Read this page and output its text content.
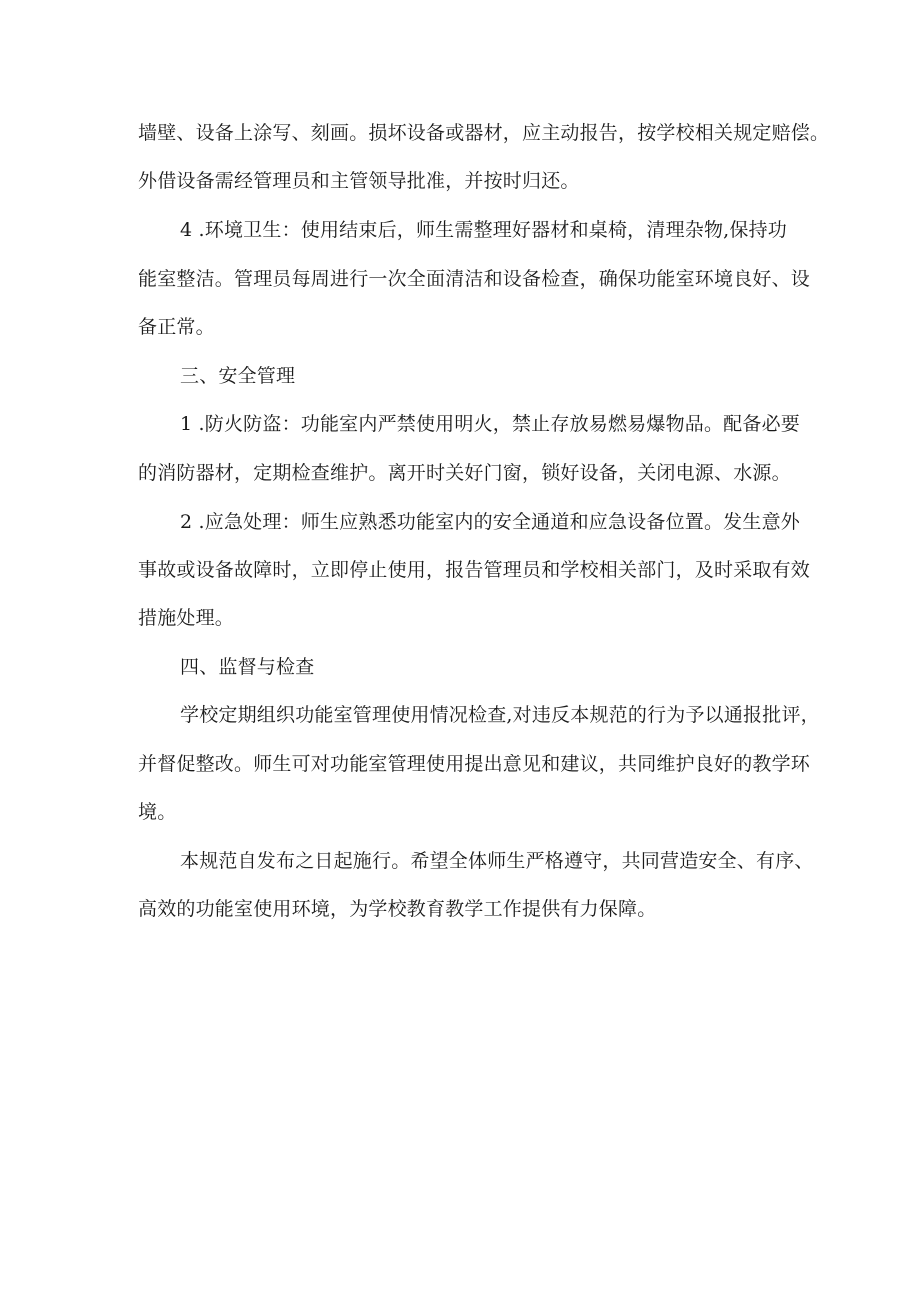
墙壁、设备上涂写、刻画。损坏设备或器材，应主动报告，按学校相关规定赔偿。
外借设备需经管理员和主管领导批准，并按时归还。
4 .环境卫生：使用结束后，师生需整理好器材和桌椅，清理杂物,保持功
能室整洁。管理员每周进行一次全面清洁和设备检查，确保功能室环境良好、设
备正常。
三、安全管理
1 .防火防盗：功能室内严禁使用明火，禁止存放易燃易爆物品。配备必要
的消防器材，定期检查维护。离开时关好门窗，锁好设备，关闭电源、水源。
2 .应急处理：师生应熟悉功能室内的安全通道和应急设备位置。发生意外
事故或设备故障时，立即停止使用，报告管理员和学校相关部门，及时采取有效
措施处理。
四、监督与检查
学校定期组织功能室管理使用情况检查,对违反本规范的行为予以通报批评，
并督促整改。师生可对功能室管理使用提出意见和建议，共同维护良好的教学环
境。
本规范自发布之日起施行。希望全体师生严格遵守，共同营造安全、有序、
高效的功能室使用环境，为学校教育教学工作提供有力保障。
